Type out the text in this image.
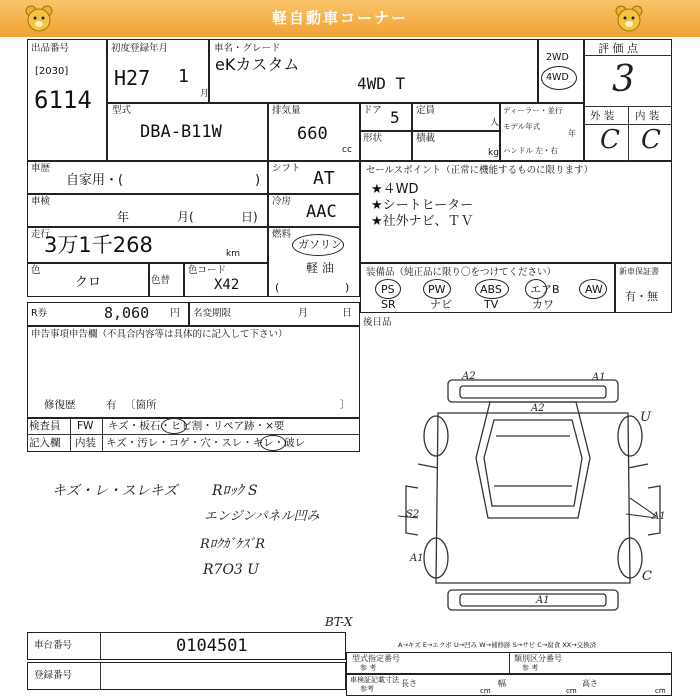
軽自動車コーナー
出品番号
[2030]
6114
初度登録年月
H27 1
月
車名・グレード
eKカスタム
4WD T
2WD
4WD
評 価 点
3
外 装 内 装
C C
型式
DBA-B11W
排気量
660
cc
ドア 5 定員
人
形状	積載
kg
ディーラー・並行
モデル年式
年
ハンドル 左・右
車歴
自家用・(	)
シフト AT
車検
年	月(	日)
冷房
AAC
走行
3万1千268	km
燃料
ガソリン
軽 油
(	)
色
クロ	色替
色コード
X42
R券	8,060 円 名変期限	月	日
セールスポイント（正常に機能するものに限ります）
★４WD
★シートヒーター
★社外ナビ、ＴＶ
装備品（純正品に限り〇をつけてください）
PS	PW	ABS	エアB AW
SR	ナビ	TV	カワ
新車保証書
有・無
後日品
申告事項申告欄（不具合内容等は具体的に記入して下さい）
修復歴	有 〔箇所	〕
検査員 FW キズ・板石・ヒビ割・リペア跡・×要
記入欄 内装 キズ・汚レ・コゲ・穴・スレ・キレ・破レ
キズ・レ・スレキズ Rﾛｯｸ S
エンジンパネル凹み
RﾛｸｶﾞｹｽﾞR
R7O3 U
BT-X
A2	A1
A2
U
S2	A1
A1
A1
C
車台番号	0104501
登録番号
A→キズ E→エクボ U→凹み W→補修跡 S→サビ C→腐食 XX→交換済
型式指定番号
参 考
類別区分番号
参 考
車検証記載寸法
参考
長さ
cm
幅
cm
高さ
cm
